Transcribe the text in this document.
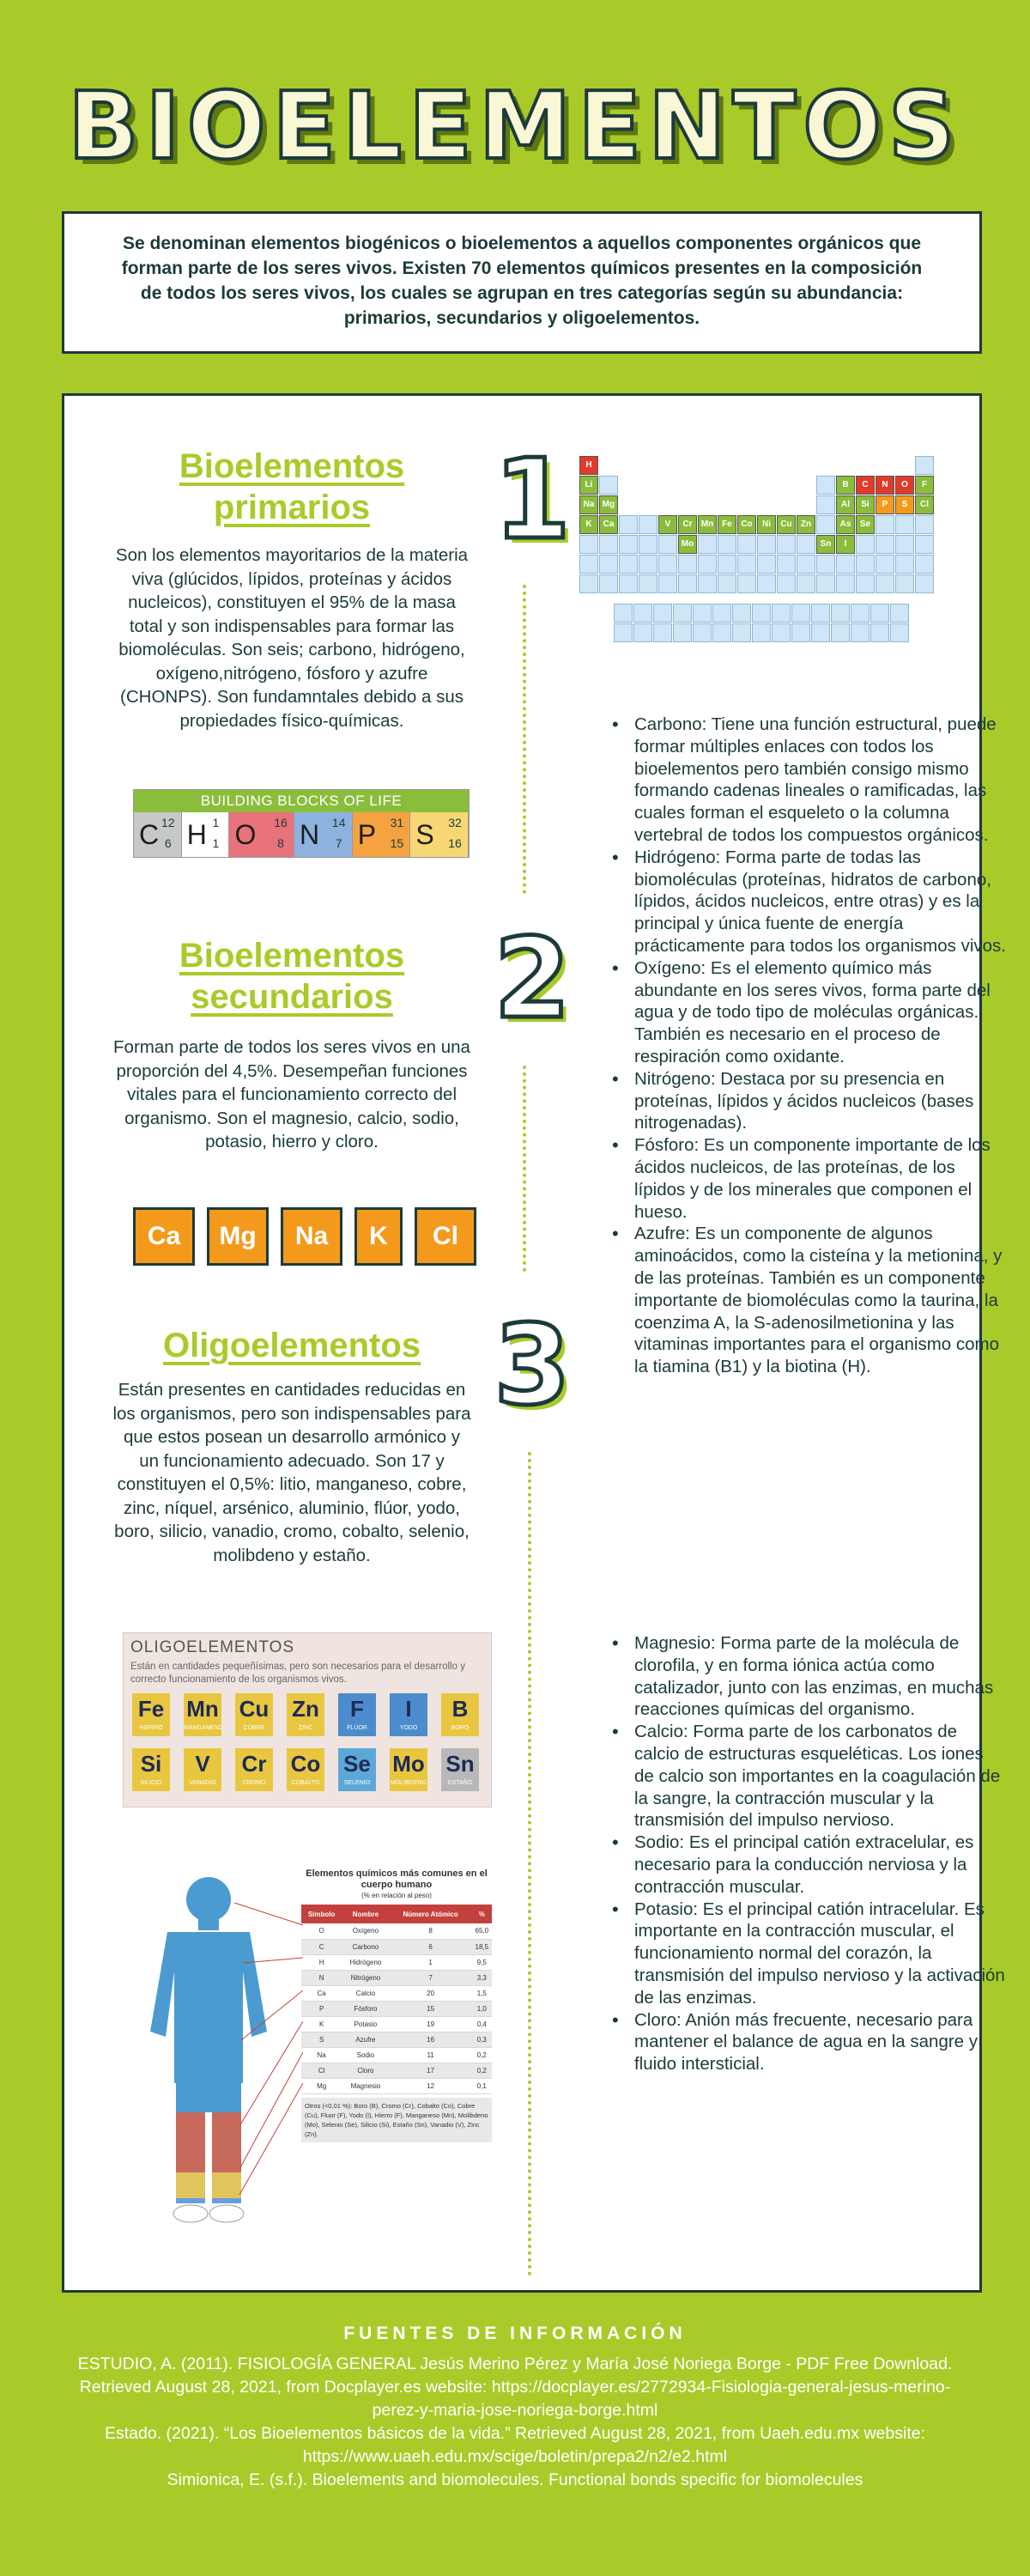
BIOELEMENTOS
Se denominan elementos biogénicos o bioelementos a aquellos componentes orgánicos que forman parte de los seres vivos. Existen 70 elementos químicos presentes en la composición de todos los seres vivos, los cuales se agrupan en tres categorías según su abundancia: primarios, secundarios y oligoelementos.
Bioelementos primarios
Son los elementos mayoritarios de la materia viva (glúcidos, lípidos, proteínas y ácidos nucleicos), constituyen el 95% de la masa total y son indispensables para formar las biomoléculas. Son seis; carbono, hidrógeno, oxígeno,nitrógeno, fósforo y azufre (CHONPS). Son fundamntales debido a sus propiedades físico-químicas.
1	H
Li	B	C	N	O	F
Na Mg	Al	Si	P	S	Cl
K	Ca	V	Cr	Mn Fe	Co	Ni	Cu	Zn	As	Se
Mo	Sn	I
BUILDING BLOCKS OF LIFE
C 12
6 H 1
1 O	16
8 N	14
7 P	31
15 S	32
16
Bioelementos secundarios
Forman parte de todos los seres vivos en una proporción del 4,5%. Desempeñan funciones vitales para el funcionamiento correcto del organismo. Son el magnesio, calcio, sodio, potasio, hierro y cloro.
2
Ca	Mg	Na	K	Cl
Oligoelementos
Están presentes en cantidades reducidas en los organismos, pero son indispensables para que estos posean un desarrollo armónico y un funcionamiento adecuado. Son 17 y constituyen el 0,5%: litio, manganeso, cobre, zinc, níquel, arsénico, aluminio, flúor, yodo, boro, silicio, vanadio, cromo, cobalto, selenio, molibdeno y estaño.
3
OLIGOELEMENTOS
Están en cantidades pequeñísimas, pero son necesarios para el desarrollo y correcto funcionamiento de los organismos vivos.
Fe
HIERRO
Mn
MANGANESO
Cu
COBRE
Zn
ZINC
F
FLÚOR
I
YODO
B
BORO
Si
SILICIO
V
VANADIO
Cr
CROMO
Co
COBALTO
Se
SELENIO
Mo
MOLIBDENO
Sn
ESTAÑO
Elementos químicos más comunes en el cuerpo humano
(% en relación al peso)
Símbolo	Nombre	Número Atómico	%
O	Oxígeno	8	65,0
C	Carbono	6	18,5
H	Hidrógeno	1	9,5
N	Nitrógeno	7	3,3
Ca	Calcio	20	1,5
P	Fósforo	15	1,0
K	Potasio	19	0,4
S	Azufre	16	0,3
Na	Sodio	11	0,2
Cl	Cloro	17	0,2
Mg	Magnesio	12	0,1
Otros (<0,01 %): Boro (B), Cromo (Cr), Cobalto (Co), Cobre (Cu), Fluor (F), Yodo (I), Hierro (F), Manganeso (Mn), Molibdeno (Mo), Selenio (Se), Silicio (Si), Estaño (Sn), Vanadio (V), Zinc (Zn).
• Carbono: Tiene una función estructural, puede formar múltiples enlaces con todos los bioelementos pero también consigo mismo formando cadenas lineales o ramificadas, las cuales forman el esqueleto o la columna vertebral de todos los compuestos orgánicos.
• Hidrógeno: Forma parte de todas las biomoléculas (proteínas, hidratos de carbono, lípidos, ácidos nucleicos, entre otras) y es la principal y única fuente de energía prácticamente para todos los organismos vivos.
• Oxígeno: Es el elemento químico más abundante en los seres vivos, forma parte del agua y de todo tipo de moléculas orgánicas. También es necesario en el proceso de respiración como oxidante.
• Nitrógeno: Destaca por su presencia en proteínas, lípidos y ácidos nucleicos (bases nitrogenadas).
• Fósforo: Es un componente importante de los ácidos nucleicos, de las proteínas, de los lípidos y de los minerales que componen el hueso.
• Azufre: Es un componente de algunos aminoácidos, como la cisteína y la metionina, y de las proteínas. También es un componente importante de biomoléculas como la taurina, la coenzima A, la S-adenosilmetionina y las vitaminas importantes para el organismo como la tiamina (B1) y la biotina (H).
• Magnesio: Forma parte de la molécula de clorofila, y en forma iónica actúa como catalizador, junto con las enzimas, en muchas reacciones químicas del organismo.
• Calcio: Forma parte de los carbonatos de calcio de estructuras esqueléticas. Los iones de calcio son importantes en la coagulación de la sangre, la contracción muscular y la transmisión del impulso nervioso.
• Sodio: Es el principal catión extracelular, es necesario para la conducción nerviosa y la contracción muscular.
• Potasio: Es el principal catión intracelular. Es importante en la contracción muscular, el funcionamiento normal del corazón, la transmisión del impulso nervioso y la activación de las enzimas.
• Cloro: Anión más frecuente, necesario para mantener el balance de agua en la sangre y fluido intersticial.
FUENTES DE INFORMACIÓN
ESTUDIO, A. (2011). FISIOLOGÍA GENERAL Jesús Merino Pérez y María José Noriega Borge - PDF Free Download. Retrieved August 28, 2021, from Docplayer.es website: https://docplayer.es/2772934-Fisiologia-general-jesus-merino-perez-y-maria-jose-noriega-borge.html
Estado. (2021). “Los Bioelementos básicos de la vida.” Retrieved August 28, 2021, from Uaeh.edu.mx website: https://www.uaeh.edu.mx/scige/boletin/prepa2/n2/e2.html
Simionica, E. (s.f.). Bioelements and biomolecules. Functional bonds specific for biomolecules
